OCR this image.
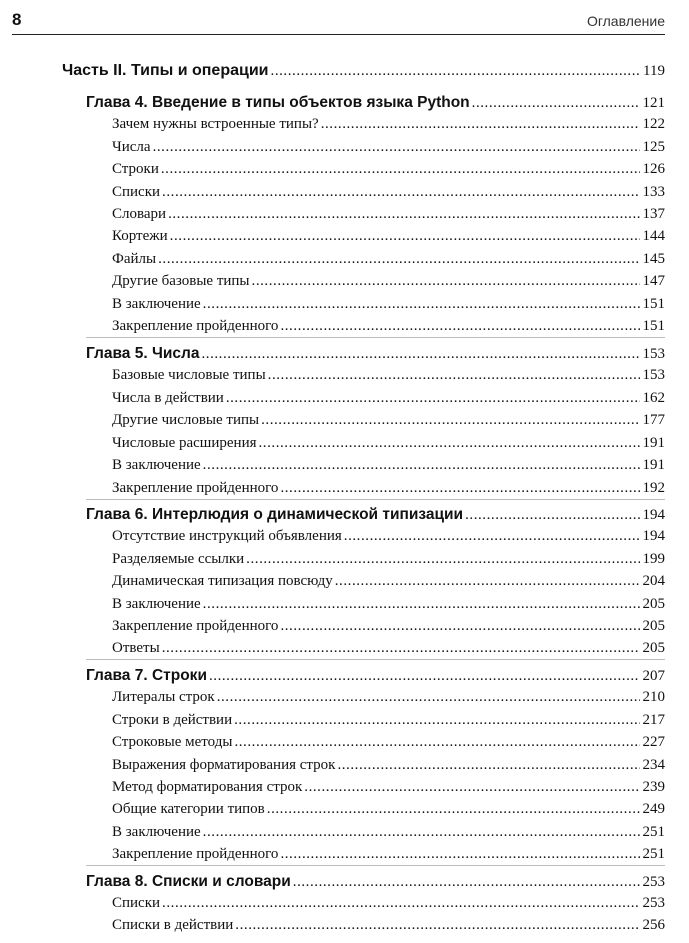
8	Оглавление
Часть II. Типы и операции . . .	119
Глава 4. Введение в типы объектов языка Python . . .	121
Зачем нужны встроенные типы? . . .	122
Числа . . .	125
Строки . . .	126
Списки . . .	133
Словари . . .	137
Кортежи . . .	144
Файлы . . .	145
Другие базовые типы . . .	147
В заключение . . .	151
Закрепление пройденного . . .	151
Глава 5. Числа . . .	153
Базовые числовые типы . . .	153
Числа в действии . . .	162
Другие числовые типы . . .	177
Числовые расширения . . .	191
В заключение . . .	191
Закрепление пройденного . . .	192
Глава 6. Интерлюдия о динамической типизации . . .	194
Отсутствие инструкций объявления . . .	194
Разделяемые ссылки . . .	199
Динамическая типизация повсюду . . .	204
В заключение . . .	205
Закрепление пройденного . . .	205
Ответы . . .	205
Глава 7. Строки . . .	207
Литералы строк . . .	210
Строки в действии . . .	217
Строковые методы . . .	227
Выражения форматирования строк . . .	234
Метод форматирования строк . . .	239
Общие категории типов . . .	249
В заключение . . .	251
Закрепление пройденного . . .	251
Глава 8. Списки и словари . . .	253
Списки . . .	253
Списки в действии . . .	256
